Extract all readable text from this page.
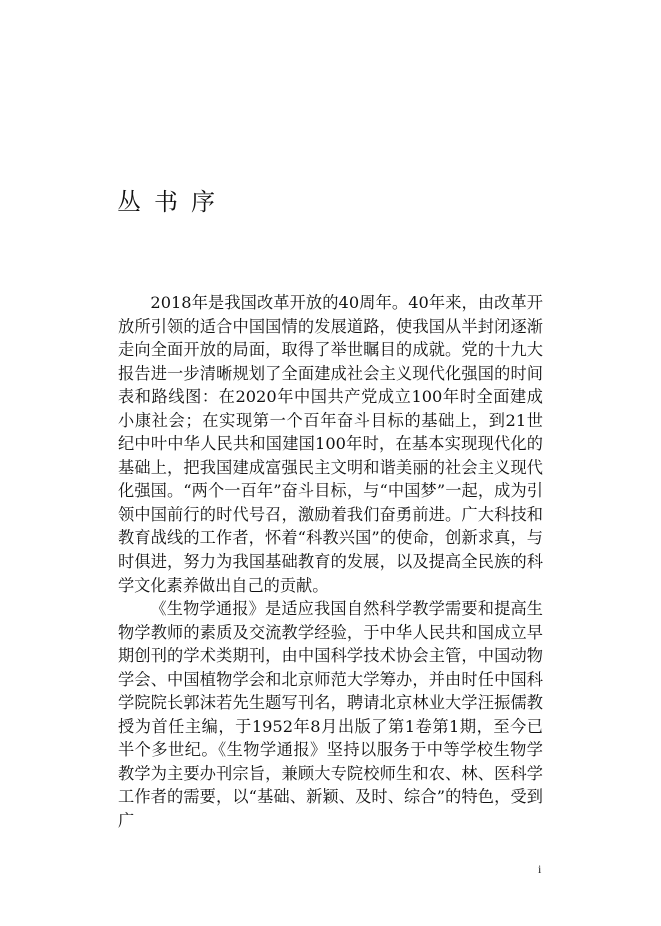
丛书序

2018年是我国改革开放的40周年。40年来，由改革开放所引领的适合中国国情的发展道路，使我国从半封闭逐渐走向全面开放的局面，取得了举世瞩目的成就。党的十九大报告进一步清晰规划了全面建成社会主义现代化强国的时间表和路线图：在2020年中国共产党成立100年时全面建成小康社会；在实现第一个百年奋斗目标的基础上，到21世纪中叶中华人民共和国建国100年时，在基本实现现代化的基础上，把我国建成富强民主文明和谐美丽的社会主义现代化强国。“两个一百年”奋斗目标，与“中国梦”一起，成为引领中国前行的时代号召，激励着我们奋勇前进。广大科技和教育战线的工作者，怀着“科教兴国”的使命，创新求真，与时俱进，努力为我国基础教育的发展，以及提高全民族的科学文化素养做出自己的贡献。

《生物学通报》是适应我国自然科学教学需要和提高生物学教师的素质及交流教学经验，于中华人民共和国成立早期创刊的学术类期刊，由中国科学技术协会主管，中国动物学会、中国植物学会和北京师范大学筹办，并由时任中国科学院院长郭沫若先生题写刊名，聘请北京林业大学汪振儒教授为首任主编，于1952年8月出版了第1卷第1期，至今已半个多世纪。《生物学通报》坚持以服务于中等学校生物学教学为主要办刊宗旨，兼顾大专院校师生和农、林、医科学工作者的需要，以“基础、新颖、及时、综合”的特色，受到广

i
